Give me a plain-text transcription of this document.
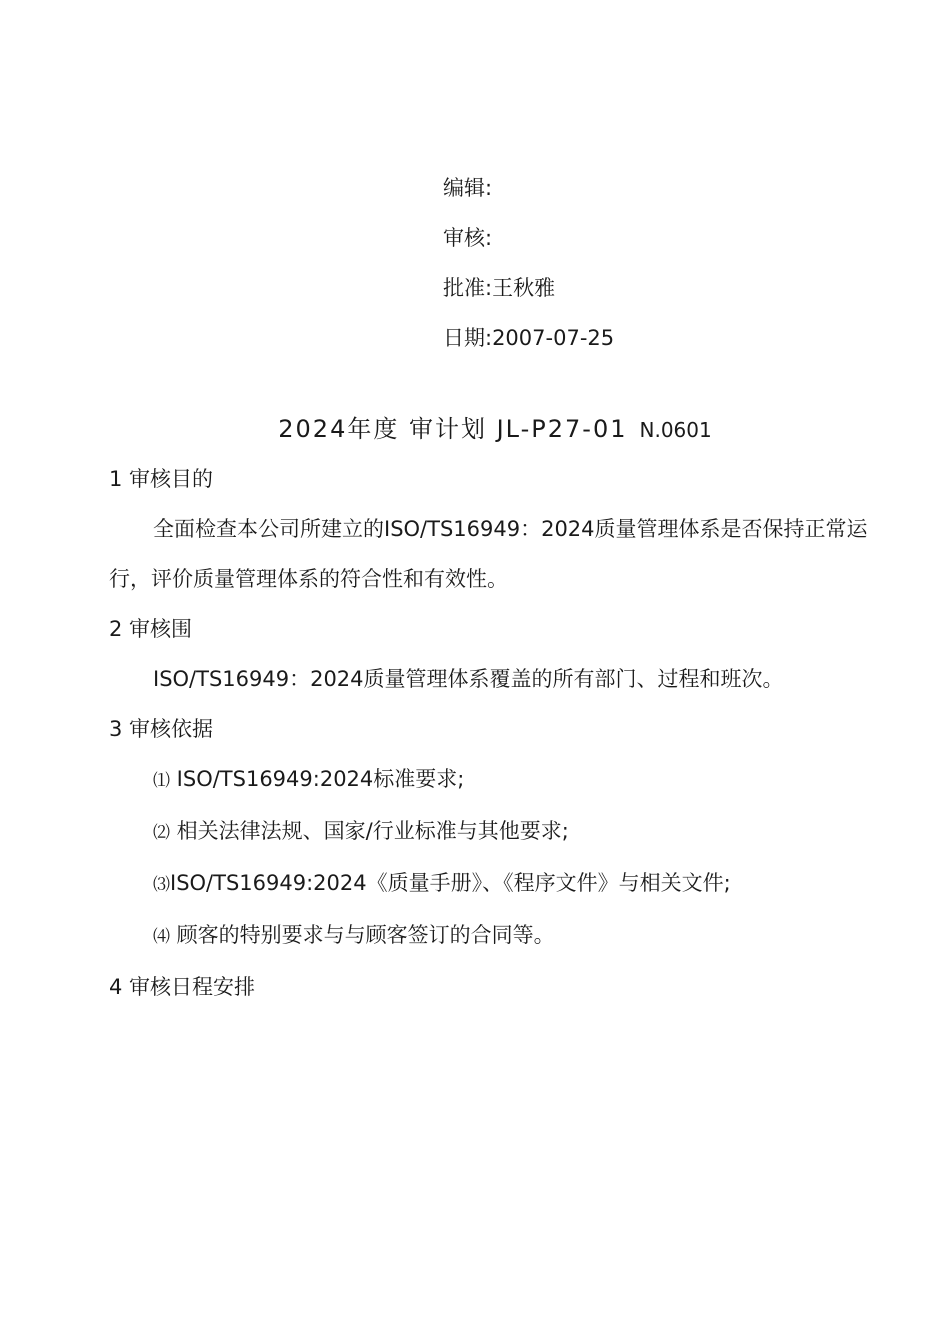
编辑:
审核:
批准:王秋雅
日期:2007-07-25
2024年度 审计划 JL-P27-01 N.0601

1 审核目的

全面检查本公司所建立的ISO/TS16949：2024质量管理体系是否保持正常运行，评价质量管理体系的符合性和有效性。

2 审核围

ISO/TS16949：2024质量管理体系覆盖的所有部门、过程和班次。

3 审核依据

⑴ ISO/TS16949:2024标准要求;

⑵ 相关法律法规、国家/行业标准与其他要求;

⑶ISO/TS16949:2024《质量手册》、《程序文件》与相关文件;

⑷ 顾客的特别要求与与顾客签订的合同等。

4 审核日程安排
